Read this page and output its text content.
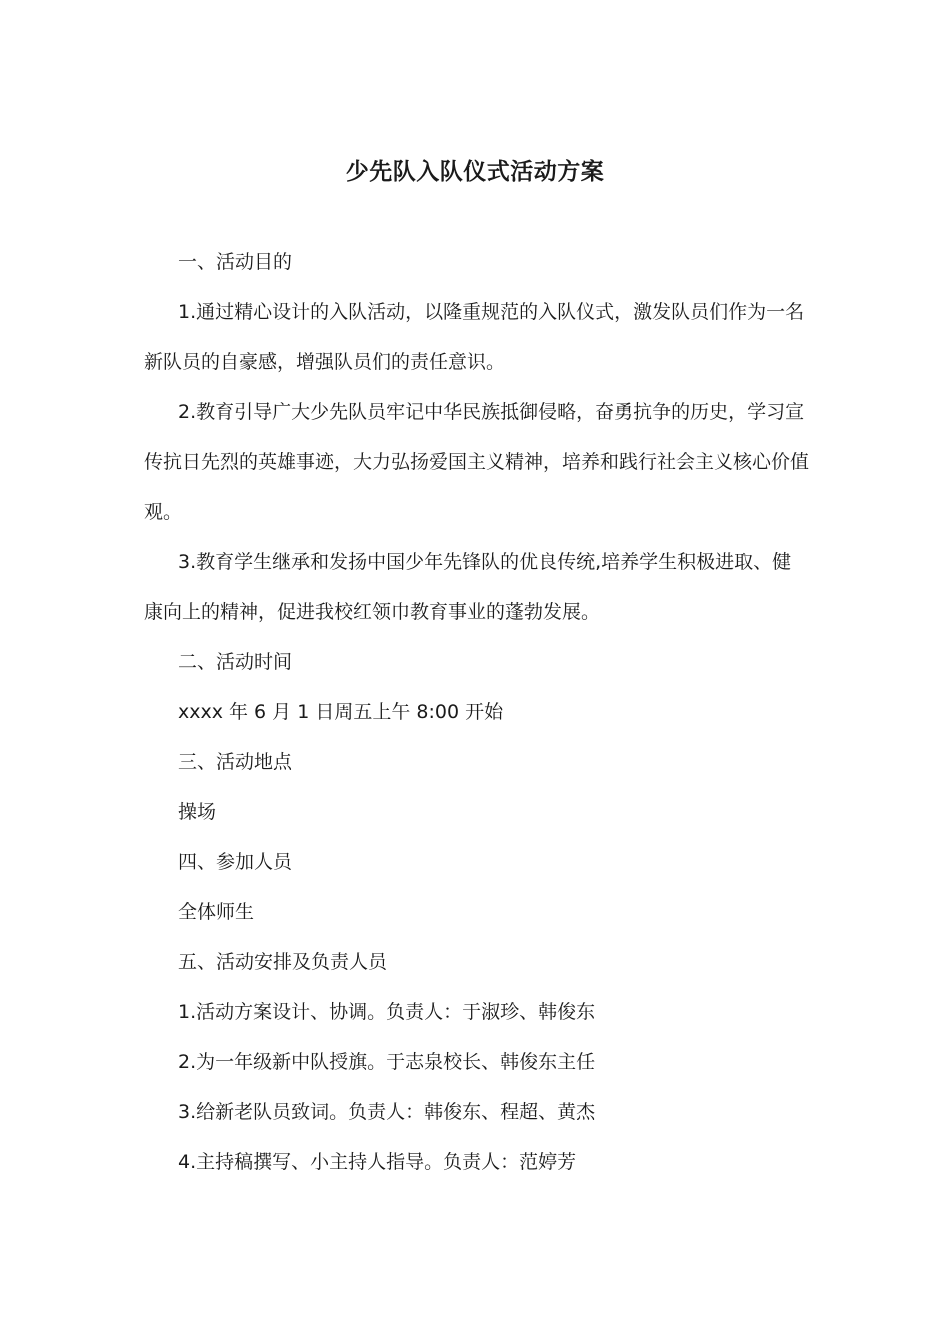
少先队入队仪式活动方案

一、活动目的

1.通过精心设计的入队活动，以隆重规范的入队仪式，激发队员们作为一名新队员的自豪感，增强队员们的责任意识。

2.教育引导广大少先队员牢记中华民族抵御侵略，奋勇抗争的历史，学习宣传抗日先烈的英雄事迹，大力弘扬爱国主义精神，培养和践行社会主义核心价值观。

3.教育学生继承和发扬中国少年先锋队的优良传统,培养学生积极进取、健康向上的精神，促进我校红领巾教育事业的蓬勃发展。

二、活动时间

xxxx 年 6 月 1 日周五上午 8:00 开始

三、活动地点

操场

四、参加人员

全体师生

五、活动安排及负责人员

1.活动方案设计、协调。负责人：于淑珍、韩俊东

2.为一年级新中队授旗。于志泉校长、韩俊东主任

3.给新老队员致词。负责人：韩俊东、程超、黄杰

4.主持稿撰写、小主持人指导。负责人：范婷芳
